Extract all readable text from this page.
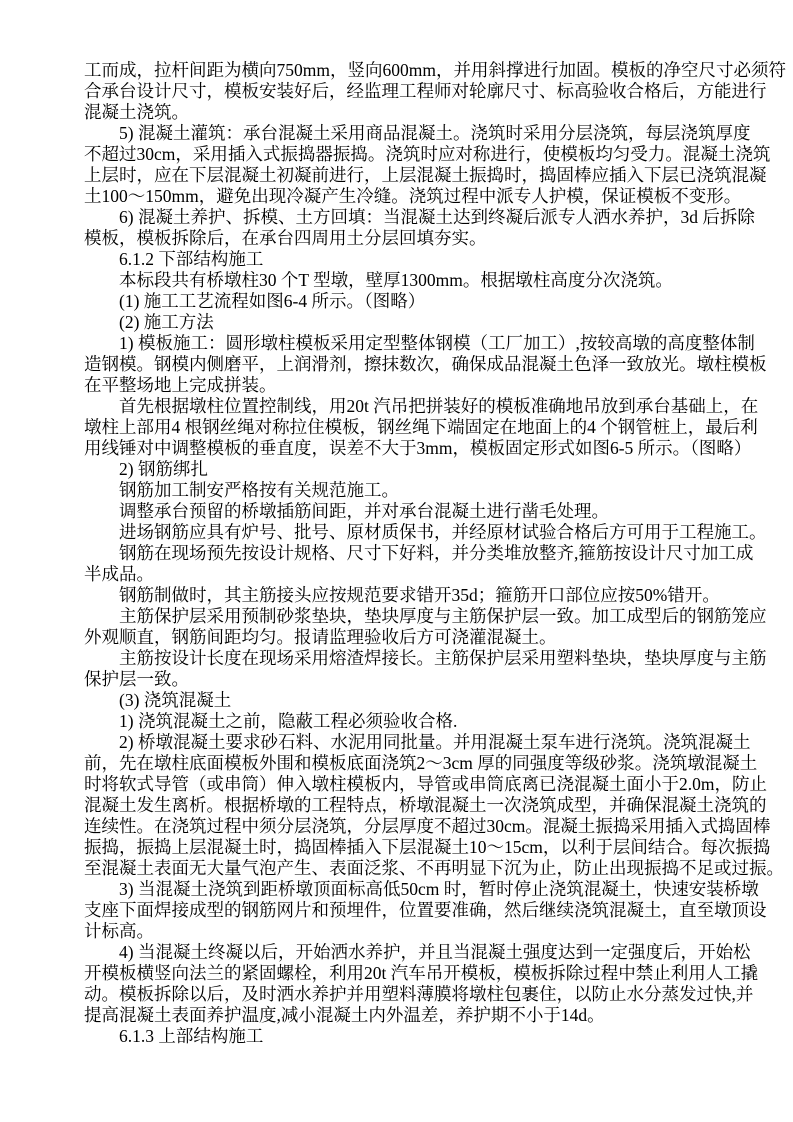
工而成，拉杆间距为横向750mm，竖向600mm，并用斜撑进行加固。模板的净空尺寸必须符
合承台设计尺寸，模板安装好后，经监理工程师对轮廓尺寸、标高验收合格后，方能进行
混凝土浇筑。
5) 混凝土灌筑：承台混凝土采用商品混凝土。浇筑时采用分层浇筑，每层浇筑厚度
不超过30cm，采用插入式振捣器振捣。浇筑时应对称进行，使模板均匀受力。混凝土浇筑
上层时，应在下层混凝土初凝前进行，上层混凝土振捣时，捣固棒应插入下层已浇筑混凝
土100～150mm，避免出现冷凝产生冷缝。浇筑过程中派专人护模，保证模板不变形。
6) 混凝土养护、拆模、土方回填：当混凝土达到终凝后派专人洒水养护，3d 后拆除
模板，模板拆除后，在承台四周用土分层回填夯实。
6.1.2 下部结构施工
本标段共有桥墩柱30 个T 型墩，壁厚1300mm。根据墩柱高度分次浇筑。
(1) 施工工艺流程如图6-4 所示。（图略）
(2) 施工方法
1) 模板施工：圆形墩柱模板采用定型整体钢模（工厂加工）,按较高墩的高度整体制
造钢模。钢模内侧磨平，上润滑剂，擦抹数次，确保成品混凝土色泽一致放光。墩柱模板
在平整场地上完成拼装。
首先根据墩柱位置控制线，用20t 汽吊把拼装好的模板准确地吊放到承台基础上，在
墩柱上部用4 根钢丝绳对称拉住模板，钢丝绳下端固定在地面上的4 个钢管桩上，最后利
用线锤对中调整模板的垂直度，误差不大于3mm，模板固定形式如图6-5 所示。（图略）
2) 钢筋绑扎
钢筋加工制安严格按有关规范施工。
调整承台预留的桥墩插筋间距，并对承台混凝土进行凿毛处理。
进场钢筋应具有炉号、批号、原材质保书，并经原材试验合格后方可用于工程施工。
钢筋在现场预先按设计规格、尺寸下好料，并分类堆放整齐,箍筋按设计尺寸加工成
半成品。
钢筋制做时，其主筋接头应按规范要求错开35d；箍筋开口部位应按50%错开。
主筋保护层采用预制砂浆垫块，垫块厚度与主筋保护层一致。加工成型后的钢筋笼应
外观顺直，钢筋间距均匀。报请监理验收后方可浇灌混凝土。
主筋按设计长度在现场采用熔渣焊接长。主筋保护层采用塑料垫块，垫块厚度与主筋
保护层一致。
(3) 浇筑混凝土
1) 浇筑混凝土之前，隐蔽工程必须验收合格.
2) 桥墩混凝土要求砂石料、水泥用同批量。并用混凝土泵车进行浇筑。浇筑混凝土
前，先在墩柱底面模板外围和模板底面浇筑2～3cm 厚的同强度等级砂浆。浇筑墩混凝土
时将软式导管（或串筒）伸入墩柱模板内，导管或串筒底离已浇混凝土面小于2.0m，防止
混凝土发生离析。根据桥墩的工程特点，桥墩混凝土一次浇筑成型，并确保混凝土浇筑的
连续性。在浇筑过程中须分层浇筑，分层厚度不超过30cm。混凝土振捣采用插入式捣固棒
振捣，振捣上层混凝土时，捣固棒插入下层混凝土10～15cm，以利于层间结合。每次振捣
至混凝土表面无大量气泡产生、表面泛浆、不再明显下沉为止，防止出现振捣不足或过振。
3) 当混凝土浇筑到距桥墩顶面标高低50cm 时，暂时停止浇筑混凝土，快速安装桥墩
支座下面焊接成型的钢筋网片和预埋件，位置要准确，然后继续浇筑混凝土，直至墩顶设
计标高。
4) 当混凝土终凝以后，开始洒水养护，并且当混凝土强度达到一定强度后，开始松
开模板横竖向法兰的紧固螺栓，利用20t 汽车吊开模板，模板拆除过程中禁止利用人工撬
动。模板拆除以后，及时洒水养护并用塑料薄膜将墩柱包裹住，以防止水分蒸发过快,并
提高混凝土表面养护温度,减小混凝土内外温差，养护期不小于14d。
6.1.3 上部结构施工
